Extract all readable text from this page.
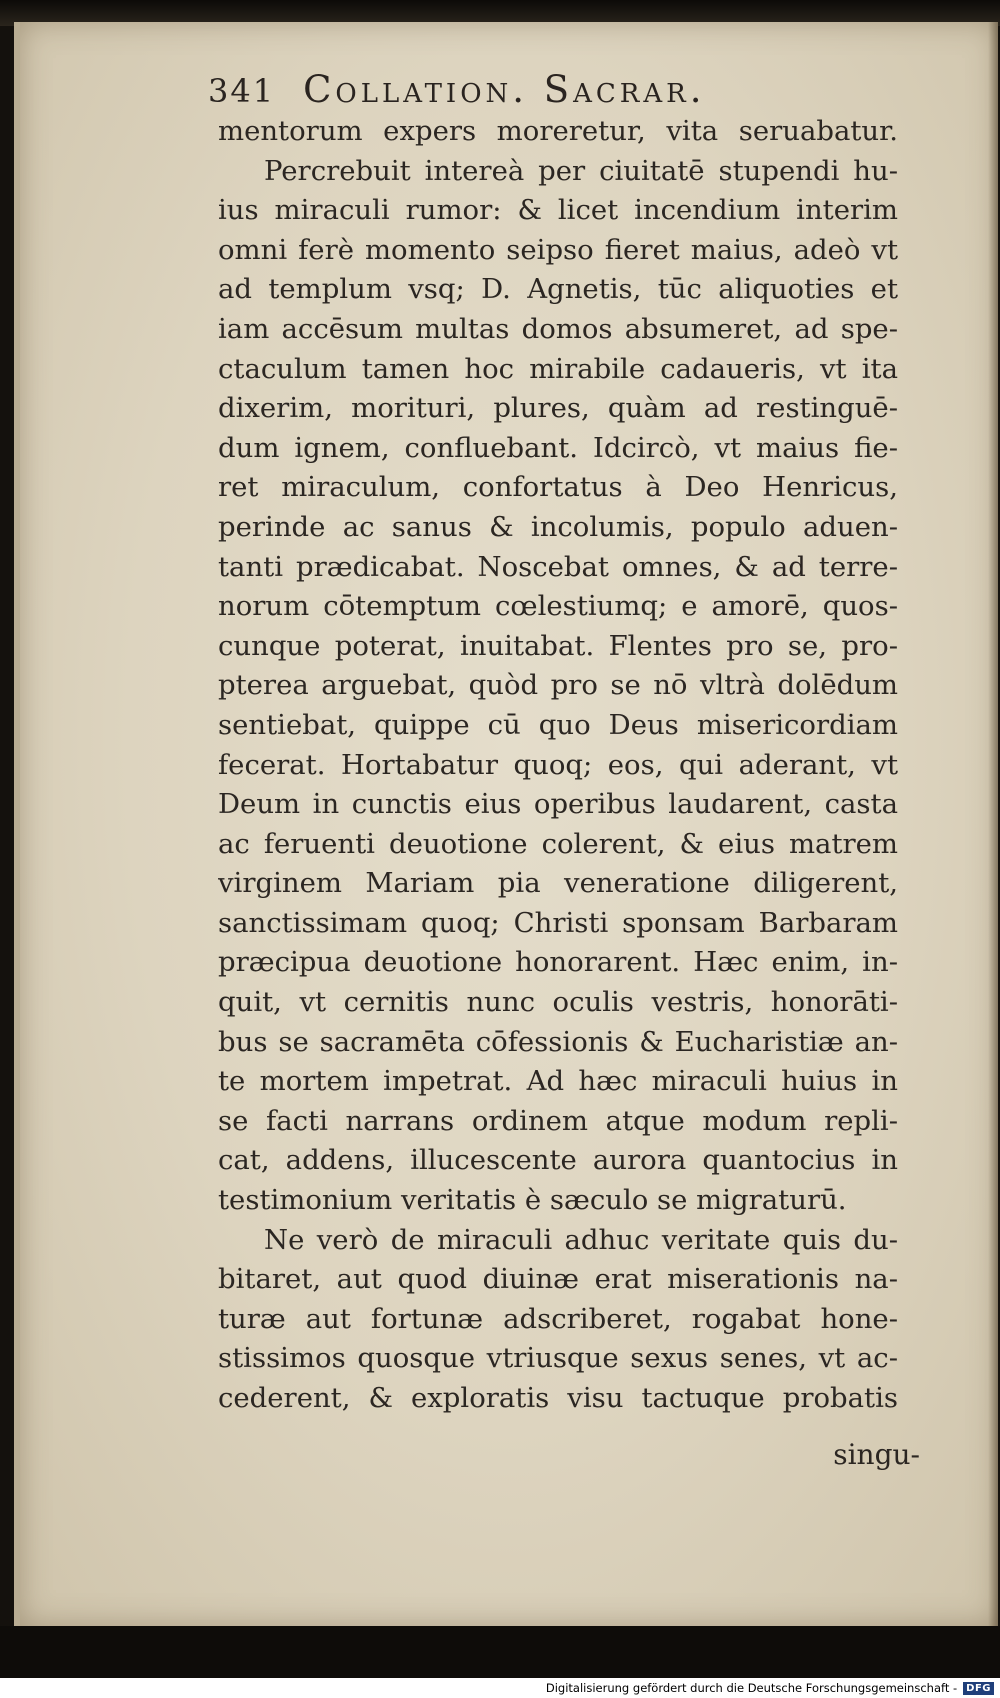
341 Collation. Sacrar.
mentorum expers moreretur, vita seruabatur.
Percrebuit intereà per ciuitatē stupendi hu-
ius miraculi rumor: & licet incendium interim
omni ferè momento seipso fieret maius, adeò vt
ad templum vsq; D. Agnetis, tūc aliquoties et
iam accēsum multas domos absumeret, ad spe-
ctaculum tamen hoc mirabile cadaueris, vt ita
dixerim, morituri, plures, quàm ad restinguē-
dum ignem, confluebant. Idcircò, vt maius fie-
ret miraculum, confortatus à Deo Henricus,
perinde ac sanus & incolumis, populo aduen-
tanti prædicabat. Noscebat omnes, & ad terre-
norum cōtemptum cœlestiumq; e amorē, quos-
cunque poterat, inuitabat. Flentes pro se, pro-
pterea arguebat, quòd pro se nō vltrà dolēdum
sentiebat, quippe cū quo Deus misericordiam
fecerat. Hortabatur quoq; eos, qui aderant, vt
Deum in cunctis eius operibus laudarent, casta
ac feruenti deuotione colerent, & eius matrem
virginem Mariam pia veneratione diligerent,
sanctissimam quoq; Christi sponsam Barbaram
præcipua deuotione honorarent. Hæc enim, in-
quit, vt cernitis nunc oculis vestris, honorāti-
bus se sacramēta cōfessionis & Eucharistiæ an-
te mortem impetrat. Ad hæc miraculi huius in
se facti narrans ordinem atque modum repli-
cat, addens, illucescente aurora quantocius in
testimonium veritatis è sæculo se migraturū.
Ne verò de miraculi adhuc veritate quis du-
bitaret, aut quod diuinæ erat miserationis na-
turæ aut fortunæ adscriberet, rogabat hone-
stissimos quosque vtriusque sexus senes, vt ac-
cederent, & exploratis visu tactuque probatis
singu-
Digitalisierung gefördert durch die Deutsche Forschungsgemeinschaft - DFG
